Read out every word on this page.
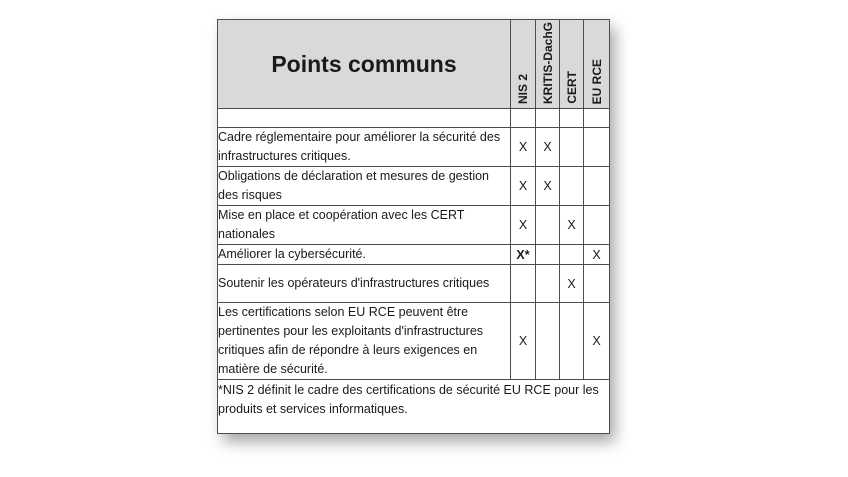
Points communs	NIS 2	KRITIS-DachG	CERT	EU RCE

Cadre réglementaire pour améliorer la sécurité des infrastructures critiques.	X	X		
Obligations de déclaration et mesures de gestion des risques	X	X		
Mise en place et coopération avec les CERT nationales	X		X	
Améliorer la cybersécurité.	X*			X
Soutenir les opérateurs d'infrastructures critiques			X	
Les certifications selon EU RCE peuvent être pertinentes pour les exploitants d'infrastructures critiques afin de répondre à leurs exigences en matière de sécurité.	X			X

*NIS 2 définit le cadre des certifications de sécurité EU RCE pour les produits et services informatiques.				
